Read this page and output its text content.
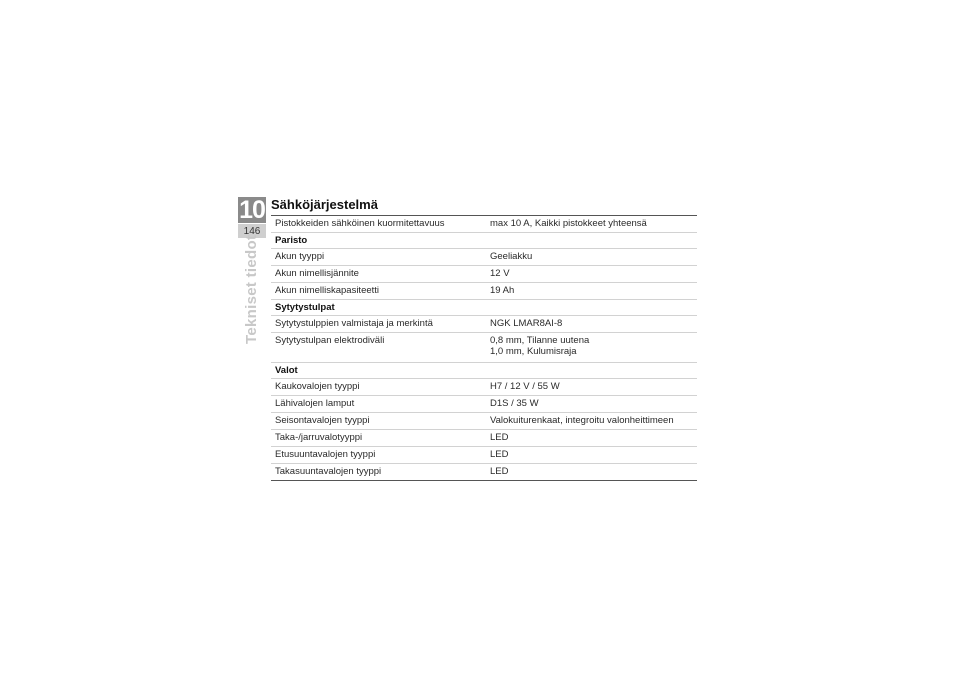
10
146
Tekniset tiedot
Sähköjärjestelmä
Pistokkeiden sähköinen kuormitettavuus	max 10 A, Kaikki pistokkeet yhteensä
Paristo	
Akun tyyppi	Geeliakku
Akun nimellisjännite	12 V
Akun nimelliskapasiteetti	19 Ah
Sytytystulpat	
Sytytystulppien valmistaja ja merkintä	NGK LMAR8AI-8
Sytytystulpan elektrodiväli	0,8 mm, Tilanne uutena
1,0 mm, Kulumisraja

Valot	
Kaukovalojen tyyppi	H7 / 12 V / 55 W
Lähivalojen lamput	D1S / 35 W
Seisontavalojen tyyppi	Valokuiturenkaat, integroitu valonheittimeen
Taka-/jarruvalotyyppi	LED
Etusuuntavalojen tyyppi	LED
Takasuuntavalojen tyyppi	LED
